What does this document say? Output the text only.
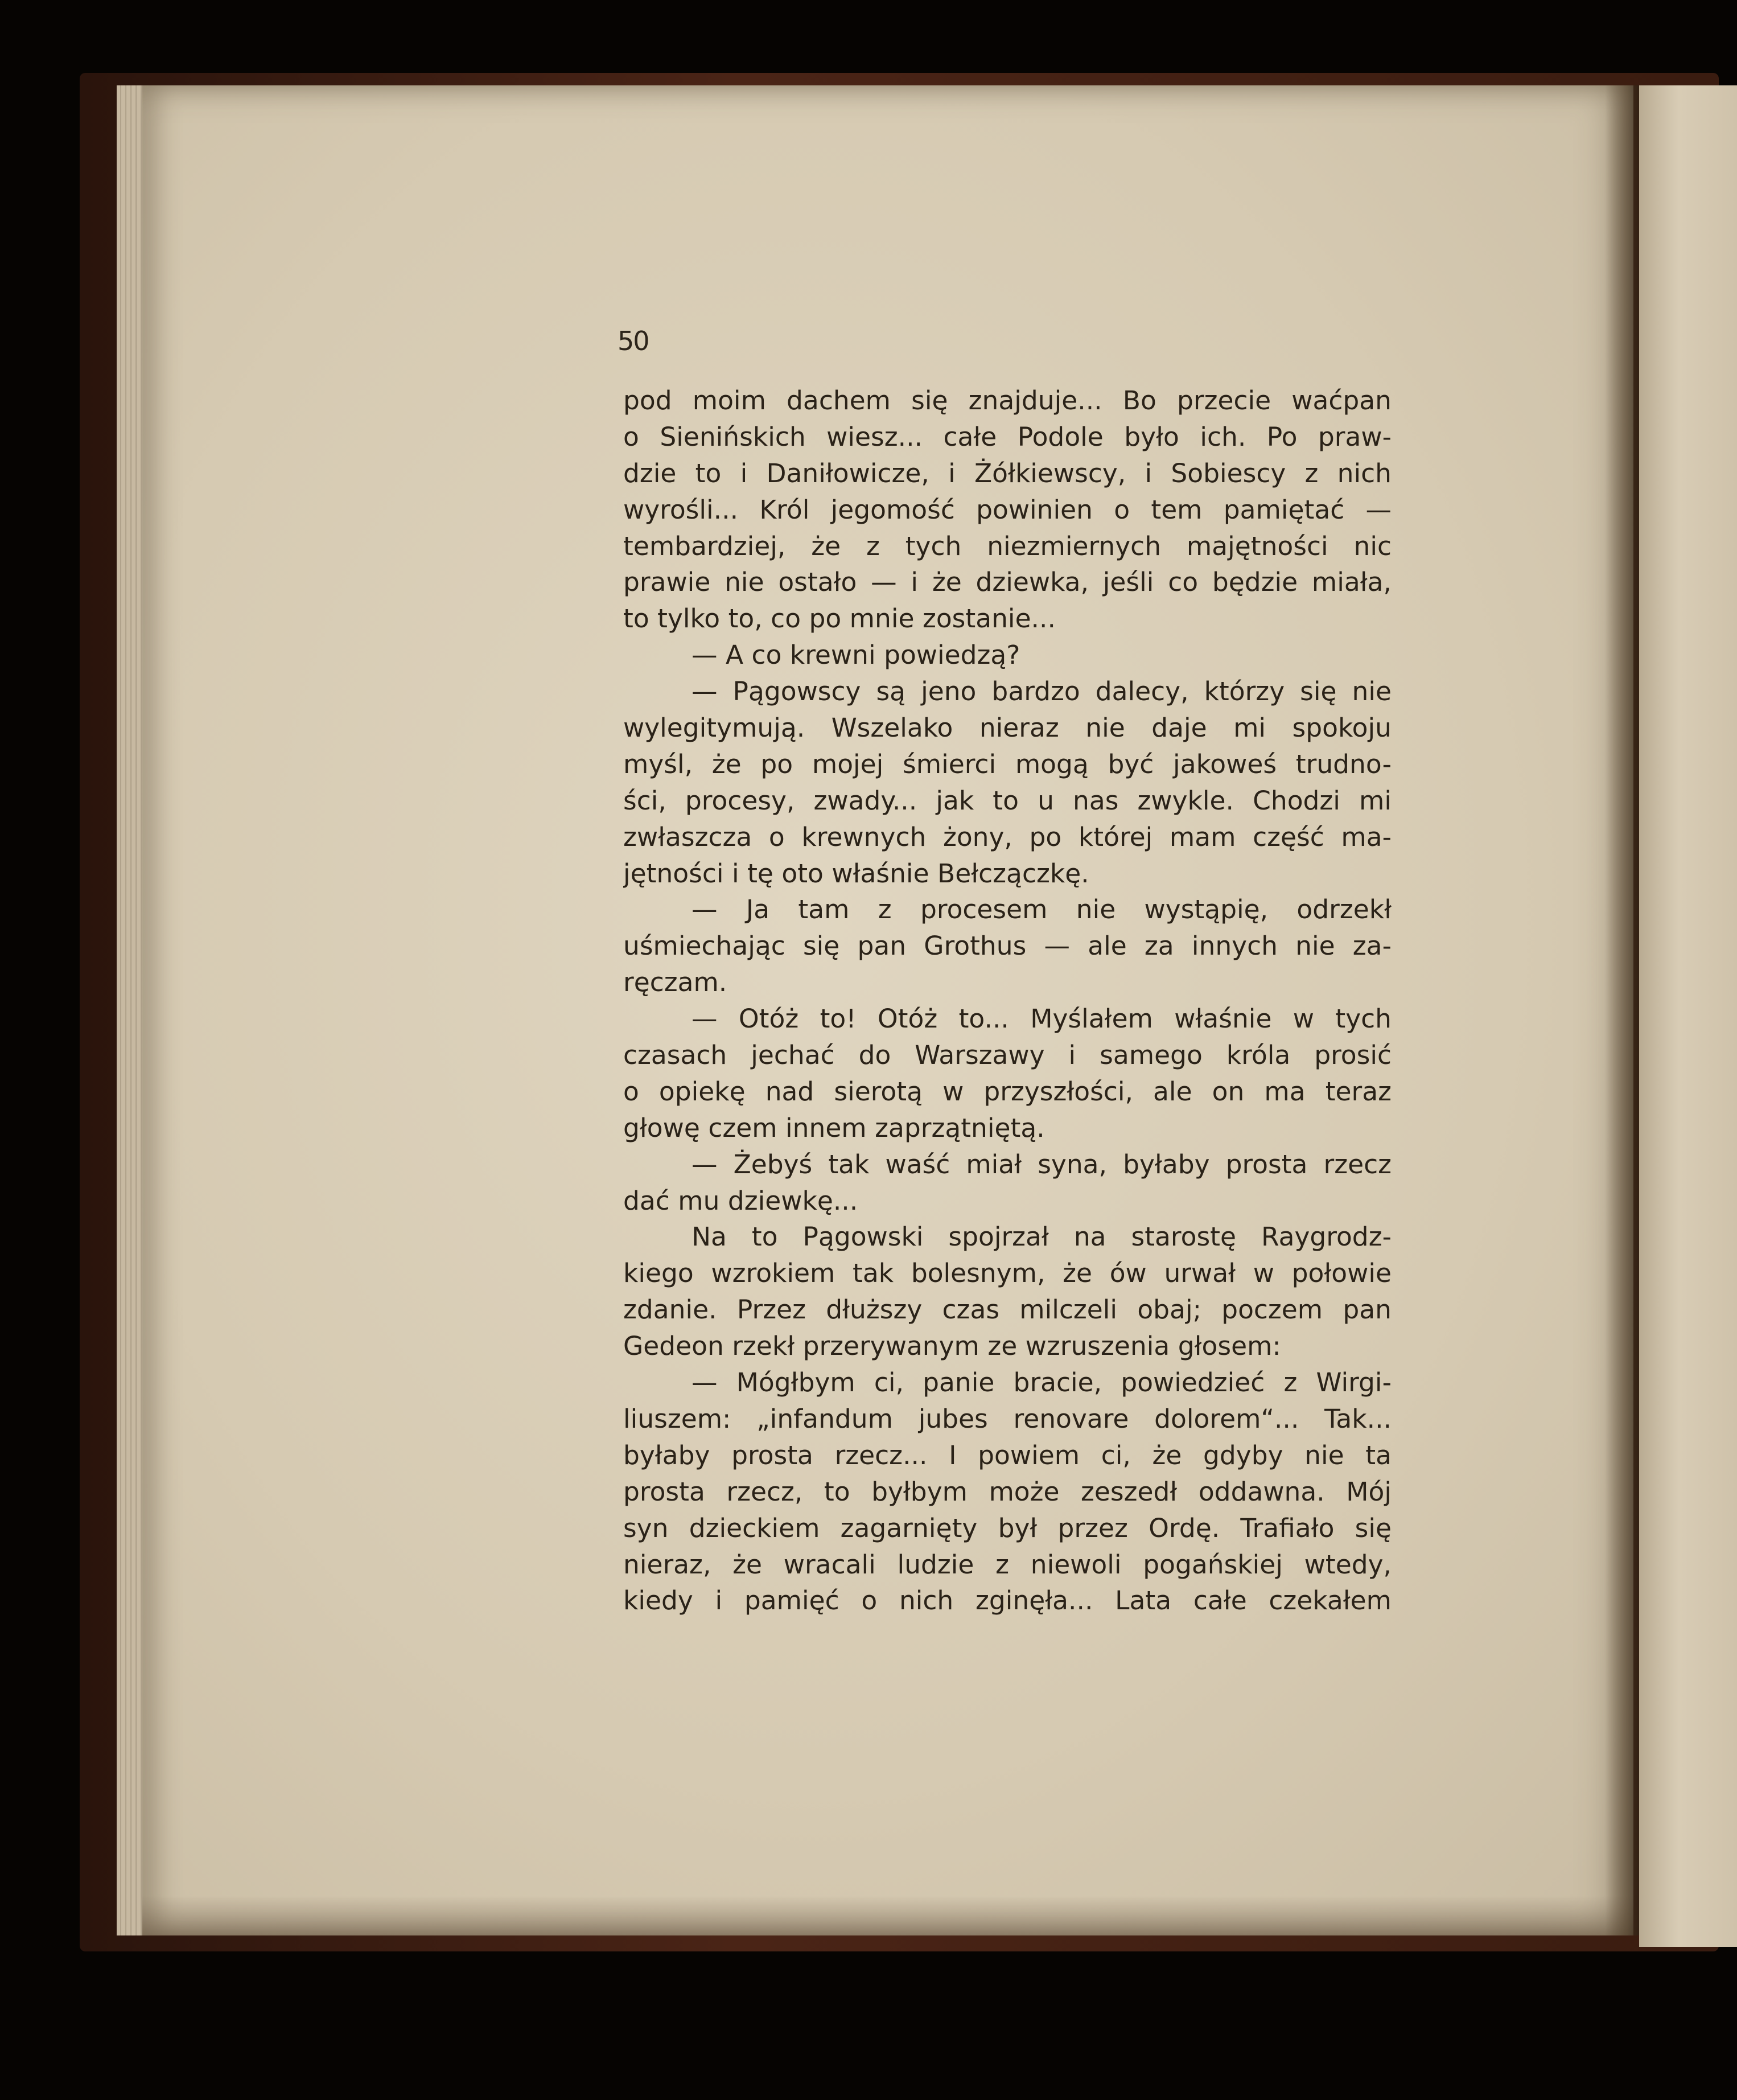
50
pod moim dachem się znajduje... Bo przecie waćpan
o Sienińskich wiesz... całe Podole było ich. Po praw-
dzie to i Daniłowicze, i Żółkiewscy, i Sobiescy z nich
wyrośli... Król jegomość powinien o tem pamiętać —
tembardziej, że z tych niezmiernych majętności nic
prawie nie ostało — i że dziewka, jeśli co będzie miała,
to tylko to, co po mnie zostanie...
— A co krewni powiedzą?
— Pągowscy są jeno bardzo dalecy, którzy się nie
wylegitymują. Wszelako nieraz nie daje mi spokoju
myśl, że po mojej śmierci mogą być jakoweś trudno-
ści, procesy, zwady... jak to u nas zwykle. Chodzi mi
zwłaszcza o krewnych żony, po której mam część ma-
jętności i tę oto właśnie Bełczączkę.
— Ja tam z procesem nie wystąpię, odrzekł
uśmiechając się pan Grothus — ale za innych nie za-
ręczam.
— Otóż to! Otóż to... Myślałem właśnie w tych
czasach jechać do Warszawy i samego króla prosić
o opiekę nad sierotą w przyszłości, ale on ma teraz
głowę czem innem zaprzątniętą.
— Żebyś tak waść miał syna, byłaby prosta rzecz
dać mu dziewkę...
Na to Pągowski spojrzał na starostę Raygrodz-
kiego wzrokiem tak bolesnym, że ów urwał w połowie
zdanie. Przez dłuższy czas milczeli obaj; poczem pan
Gedeon rzekł przerywanym ze wzruszenia głosem:
— Mógłbym ci, panie bracie, powiedzieć z Wirgi-
liuszem: „infandum jubes renovare dolorem“... Tak...
byłaby prosta rzecz... I powiem ci, że gdyby nie ta
prosta rzecz, to byłbym może zeszedł oddawna. Mój
syn dzieckiem zagarnięty był przez Ordę. Trafiało się
nieraz, że wracali ludzie z niewoli pogańskiej wtedy,
kiedy i pamięć o nich zginęła... Lata całe czekałem
